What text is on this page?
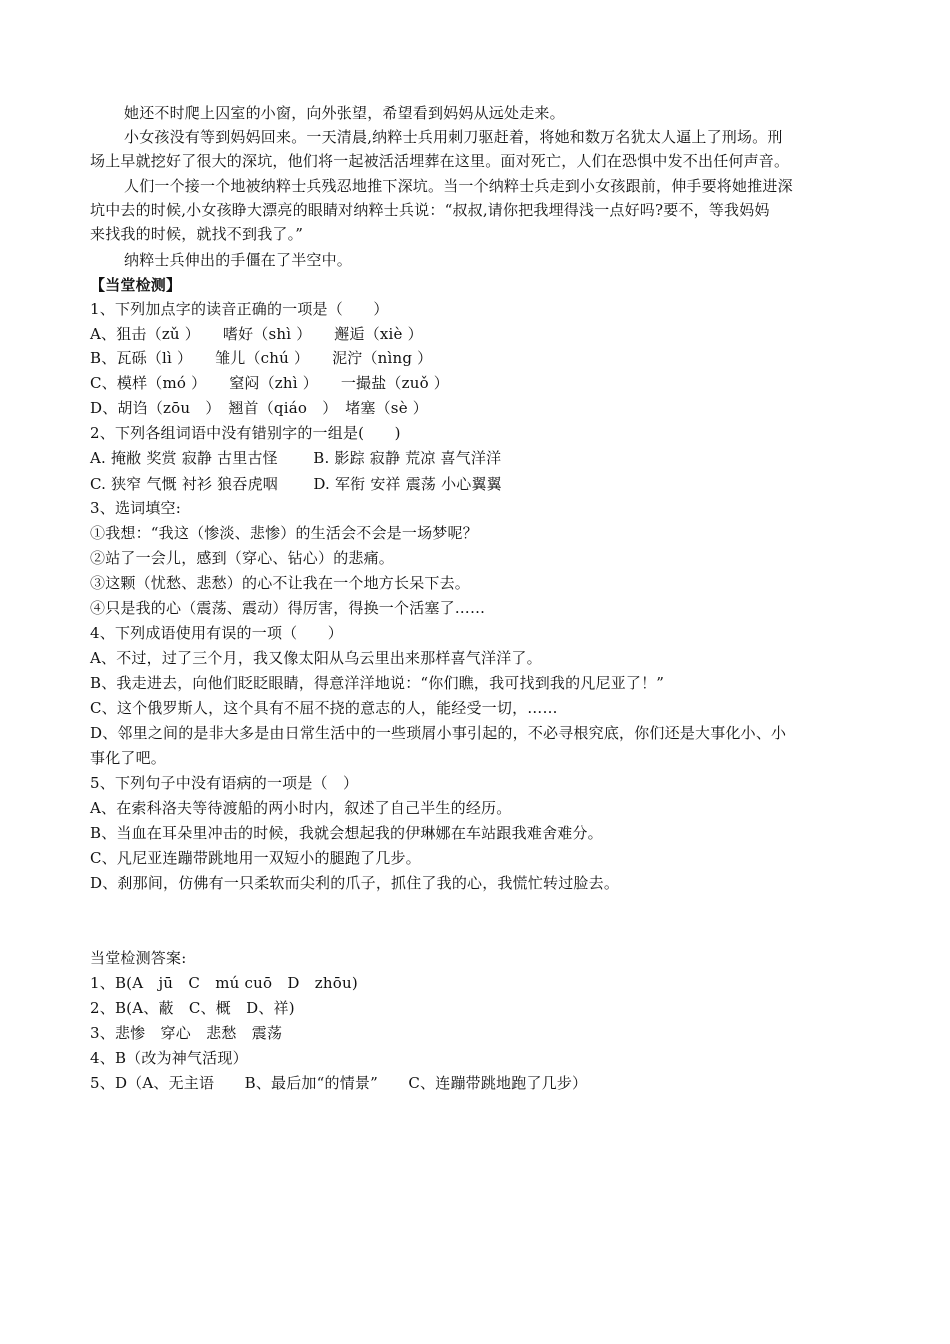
她还不时爬上囚室的小窗，向外张望，希望看到妈妈从远处走来。
小女孩没有等到妈妈回来。一天清晨,纳粹士兵用刺刀驱赶着，将她和数万名犹太人逼上了刑场。刑
场上早就挖好了很大的深坑，他们将一起被活活埋葬在这里。面对死亡，人们在恐惧中发不出任何声音。
人们一个接一个地被纳粹士兵残忍地推下深坑。当一个纳粹士兵走到小女孩跟前，伸手要将她推进深
坑中去的时候,小女孩睁大漂亮的眼睛对纳粹士兵说：“叔叔,请你把我埋得浅一点好吗?要不，等我妈妈
来找我的时候，就找不到我了。”
纳粹士兵伸出的手僵在了半空中。
【当堂检测】
1、下列加点字的读音正确的一项是（　　）
A、狙击（zǔ ）　　嗜好（shì ）　　邂逅（xiè ）
B、瓦砾（lì ）　　雏儿（chú ）　　泥泞（nìng ）
C、模样（mó ）　　窒闷（zhì ）　　一撮盐（zuǒ ）
D、胡诌（zōu　）　翘首（qiáo　）　堵塞（sè ）
2、下列各组词语中没有错别字的一组是(　　)
A. 掩敝 奖赏 寂静 古里古怪　　 B. 影踪 寂静 荒凉 喜气洋洋
C. 狭窄 气慨 衬衫 狼吞虎咽　　 D. 军衔 安祥 震荡 小心翼翼
3、选词填空:
①我想：“我这（惨淡、悲惨）的生活会不会是一场梦呢？
②站了一会儿，感到（穿心、钻心）的悲痛。
③这颗（忧愁、悲愁）的心不让我在一个地方长呆下去。
④只是我的心（震荡、震动）得厉害，得换一个活塞了……
4、下列成语使用有误的一项（　　）
A、不过，过了三个月，我又像太阳从乌云里出来那样喜气洋洋了。
B、我走进去，向他们眨眨眼睛，得意洋洋地说：“你们瞧，我可找到我的凡尼亚了！”
C、这个俄罗斯人，这个具有不屈不挠的意志的人，能经受一切，……
D、邻里之间的是非大多是由日常生活中的一些琐屑小事引起的，不必寻根究底，你们还是大事化小、小
事化了吧。
5、下列句子中没有语病的一项是（　）
A、在索科洛夫等待渡船的两小时内，叙述了自己半生的经历。
B、当血在耳朵里冲击的时候，我就会想起我的伊琳娜在车站跟我难舍难分。
C、凡尼亚连蹦带跳地用一双短小的腿跑了几步。
D、刹那间，仿佛有一只柔软而尖利的爪子，抓住了我的心，我慌忙转过脸去。
当堂检测答案:
1、B(A　jū　C　mú cuō　D　zhōu)
2、B(A、蔽　C、概　D、祥)
3、悲惨　穿心　悲愁　震荡
4、B（改为神气活现）
5、D（A、无主语　　B、最后加“的情景”　　C、连蹦带跳地跑了几步）
